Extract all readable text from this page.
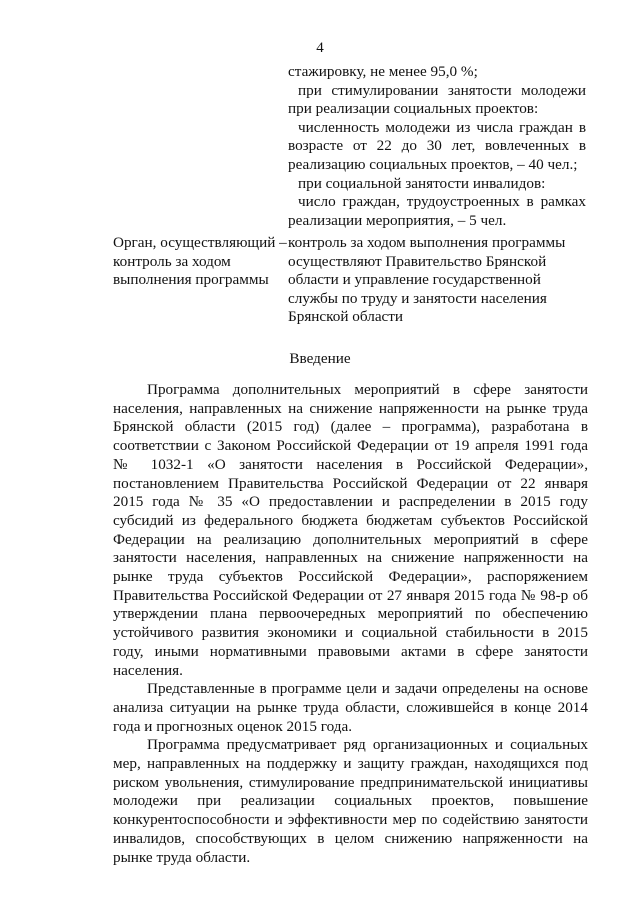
4

стажировку, не менее 95,0 %;

при стимулировании занятости молодежи при реализации социальных проектов:

численность молодежи из числа граждан в возрасте от 22 до 30 лет, вовлеченных в реализацию социальных проектов, – 40 чел.;

при социальной занятости инвалидов:

число граждан, трудоустроенных в рамках реализации мероприятия, – 5 чел.

Орган, осуществляющий – контроль за ходом выполнения программы

контроль за ходом выполнения программы осуществляют Правительство Брянской области и управление государственной службы по труду и занятости населения Брянской области

Введение

Программа дополнительных мероприятий в сфере занятости населения, направленных на снижение напряженности на рынке труда Брянской области (2015 год) (далее – программа), разработана в соответствии с Законом Российской Федерации от 19 апреля 1991 года № 1032-1 «О занятости населения в Российской Федерации», постановлением Правительства Российской Федерации от 22 января 2015 года № 35 «О предоставлении и распределении в 2015 году субсидий из федерального бюджета бюджетам субъектов Российской Федерации на реализацию дополнительных мероприятий в сфере занятости населения, направленных на снижение напряженности на рынке труда субъектов Российской Федерации», распоряжением Правительства Российской Федерации от 27 января 2015 года № 98-р об утверждении плана первоочередных мероприятий по обеспечению устойчивого развития экономики и социальной стабильности в 2015 году, иными нормативными правовыми актами в сфере занятости населения.

Представленные в программе цели и задачи определены на основе анализа ситуации на рынке труда области, сложившейся в конце 2014 года и прогнозных оценок 2015 года.

Программа предусматривает ряд организационных и социальных мер, направленных на поддержку и защиту граждан, находящихся под риском увольнения, стимулирование предпринимательской инициативы молодежи при реализации социальных проектов, повышение конкурентоспособности и эффективности мер по содействию занятости инвалидов, способствующих в целом снижению напряженности на рынке труда области.
